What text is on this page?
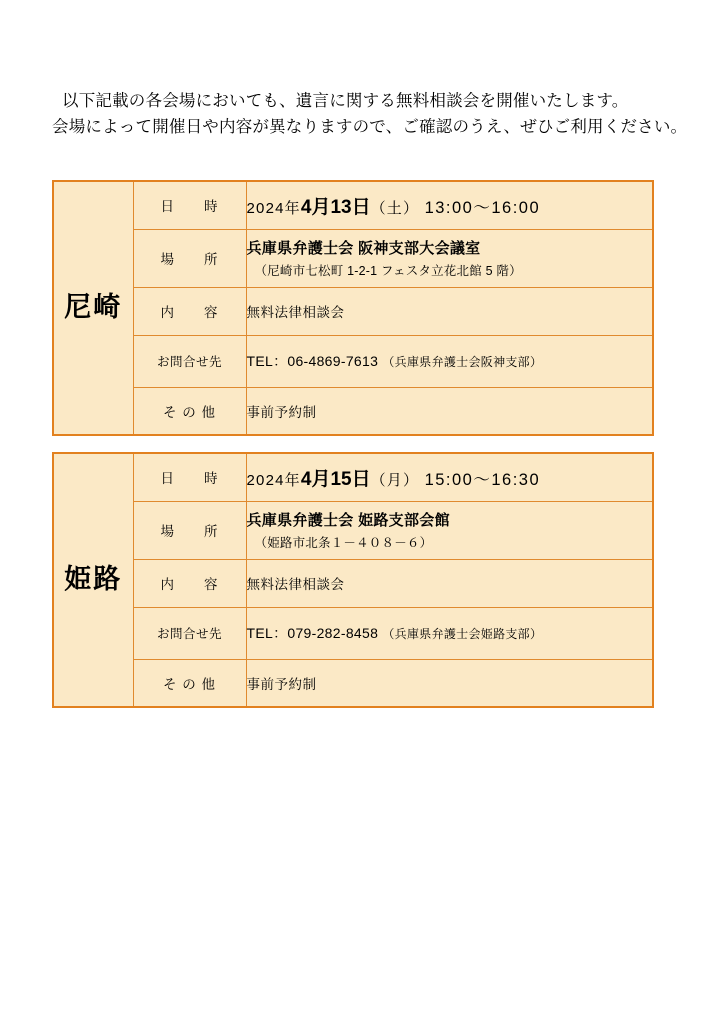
以下記載の各会場においても、遺言に関する無料相談会を開催いたします。
会場によって開催日や内容が異なりますので、ご確認のうえ、ぜひご利用ください。
尼崎	日　　時	2024年4月13日（土） 13:00〜16:00
	場　　所	兵庫県弁護士会 阪神支部大会議室
（尼崎市七松町 1-2-1 フェスタ立花北館 5 階）

	内　　容	無料法律相談会
	お問合せ先	TEL：06-4869-7613 （兵庫県弁護士会阪神支部）
	そ の 他	事前予約制
姫路	日　　時	2024年4月15日（月） 15:00〜16:30
	場　　所	兵庫県弁護士会 姫路支部会館
（姫路市北条１－４０８－６）

	内　　容	無料法律相談会
	お問合せ先	TEL：079-282-8458 （兵庫県弁護士会姫路支部）
	そ の 他	事前予約制
